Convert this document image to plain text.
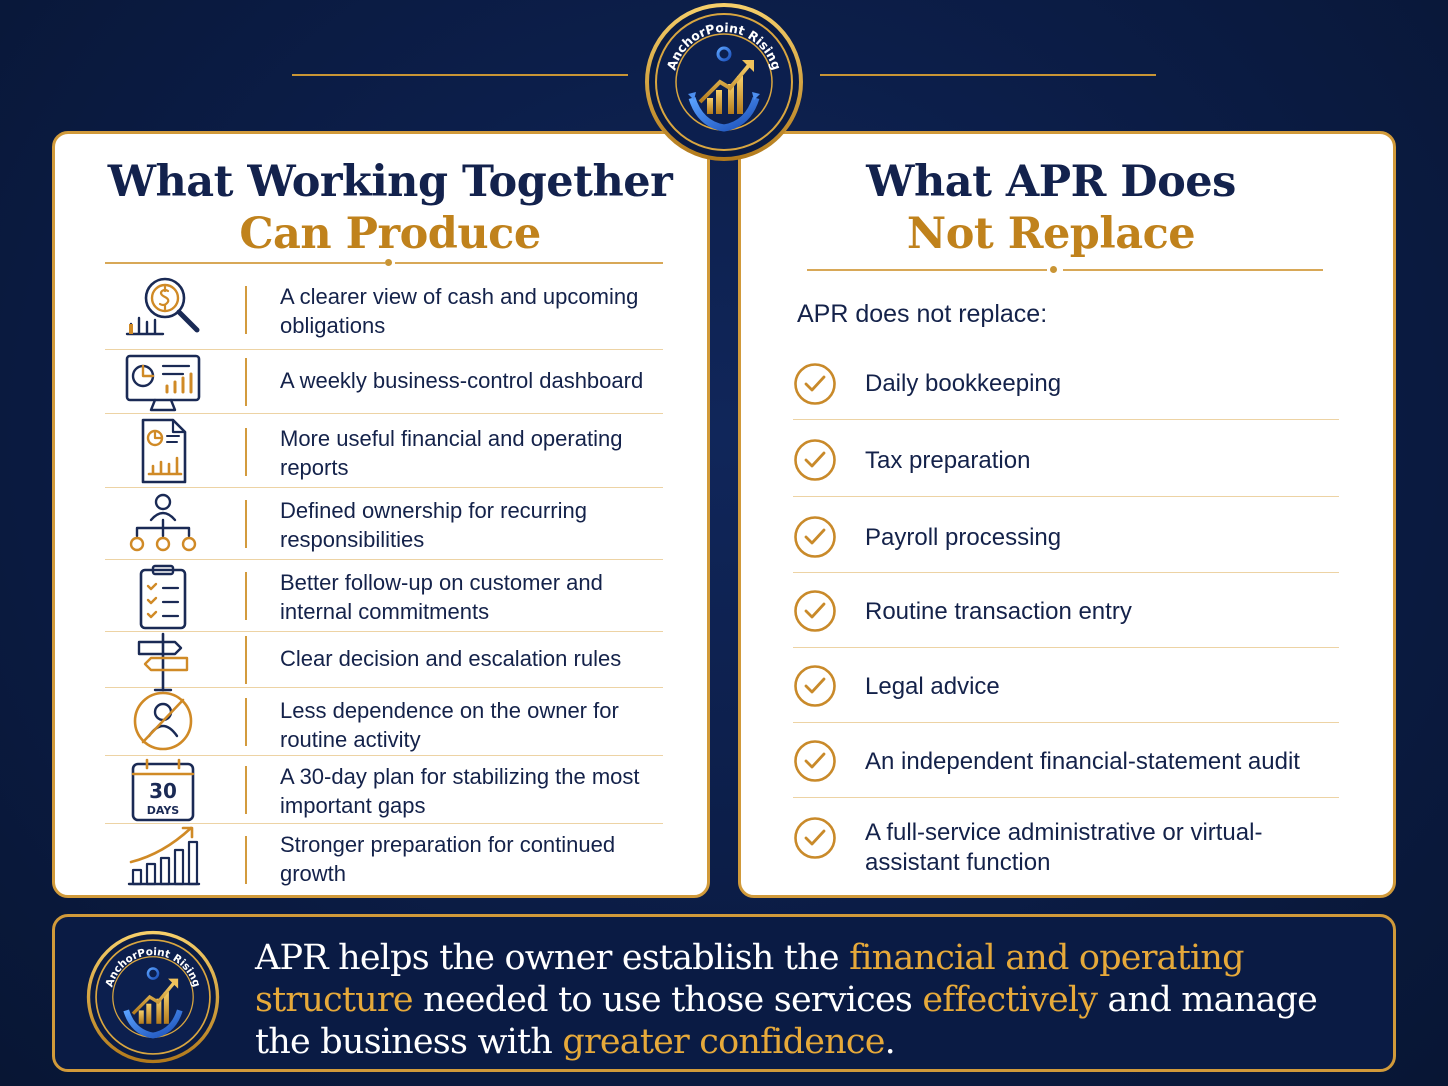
What Working Together
Can Produce
A clearer view of cash and upcoming obligations
A weekly business-control dashboard
More useful financial and operating reports
Defined ownership for recurring responsibilities
Better follow-up on customer and internal commitments
Clear decision and escalation rules
Less dependence on the owner for routine activity
30
DAYS
A 30-day plan for stabilizing the most important gaps
Stronger preparation for continued growth
What APR Does
Not Replace
APR does not replace:
Daily bookkeeping
Tax preparation
Payroll processing
Routine transaction entry
Legal advice
An independent financial-statement audit
A full-service administrative or virtual-assistant function
AnchorPoint Rising
APR helps the owner establish the financial and operating structure needed to use those services effectively and manage the business with greater confidence.
AnchorPoint Rising
